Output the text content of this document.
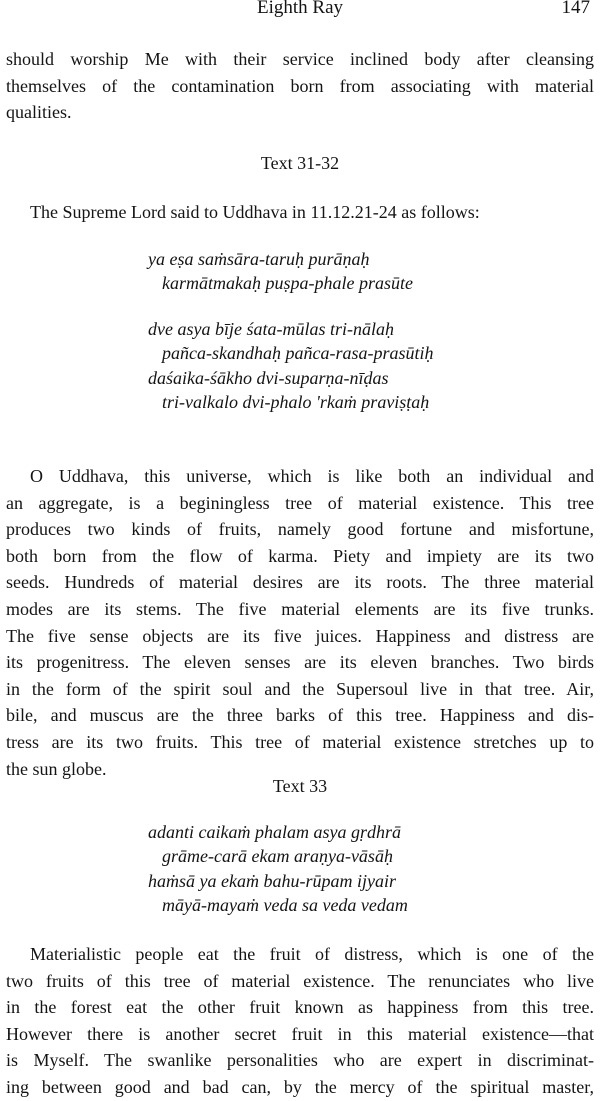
Eighth Ray	147
should worship Me with their service inclined body after cleansing
themselves of the contamination born from associating with material
qualities.
Text 31-32
The Supreme Lord said to Uddhava in 11.12.21-24 as follows:
ya eṣa saṁsāra-taruḥ purāṇaḥ
karmātmakaḥ puṣpa-phale prasūte
dve asya bīje śata-mūlas tri-nālaḥ
pañca-skandhaḥ pañca-rasa-prasūtiḥ
daśaika-śākho dvi-suparṇa-nīḍas
tri-valkalo dvi-phalo 'rkaṁ praviṣṭaḥ
O Uddhava, this universe, which is like both an individual and
an aggregate, is a beginingless tree of material existence. This tree
produces two kinds of fruits, namely good fortune and misfortune,
both born from the flow of karma. Piety and impiety are its two
seeds. Hundreds of material desires are its roots. The three material
modes are its stems. The five material elements are its five trunks.
The five sense objects are its five juices. Happiness and distress are
its progenitress. The eleven senses are its eleven branches. Two birds
in the form of the spirit soul and the Supersoul live in that tree. Air,
bile, and muscus are the three barks of this tree. Happiness and dis-
tress are its two fruits. This tree of material existence stretches up to
the sun globe.
Text 33
adanti caikaṁ phalam asya gṛdhrā
grāme-carā ekam araṇya-vāsāḥ
haṁsā ya ekaṁ bahu-rūpam ijyair
māyā-mayaṁ veda sa veda vedam
Materialistic people eat the fruit of distress, which is one of the
two fruits of this tree of material existence. The renunciates who live
in the forest eat the other fruit known as happiness from this tree.
However there is another secret fruit in this material existence—that
is Myself. The swanlike personalities who are expert in discriminat-
ing between good and bad can, by the mercy of the spiritual master,
